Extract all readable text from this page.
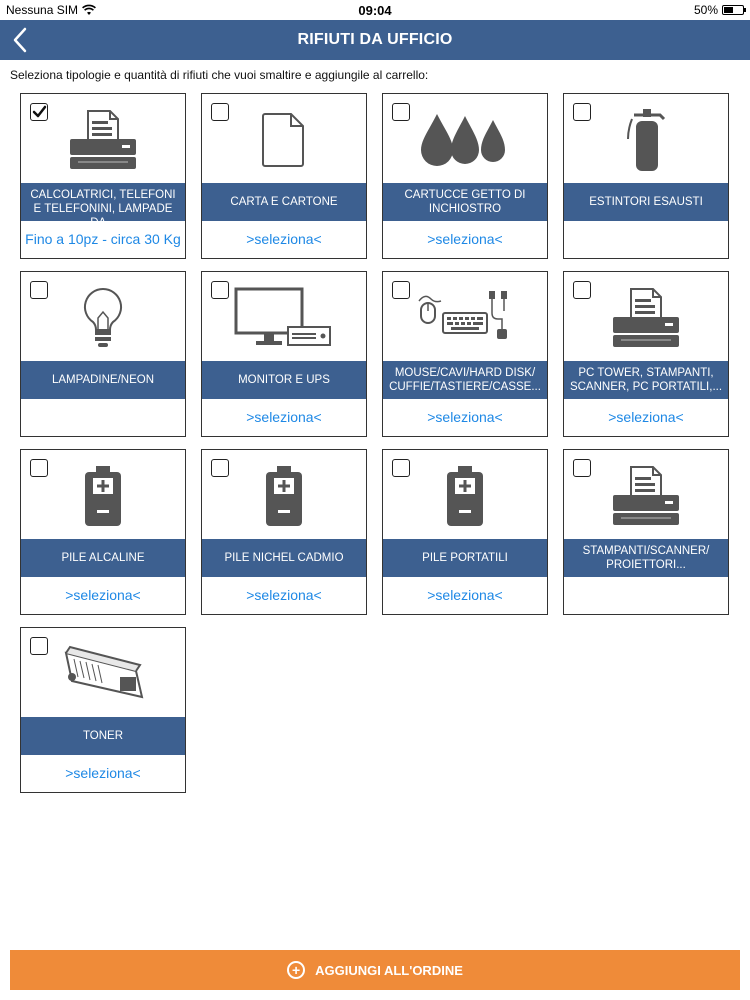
Nessuna SIM	09:04	50%
RIFIUTI DA UFFICIO
Seleziona tipologie e quantità di rifiuti che vuoi smaltire e aggiungile al carrello:
CALCOLATRICI, TELEFONI E TELEFONINI, LAMPADE DA...
Fino a 10pz - circa 30 Kg
CARTA E CARTONE
>seleziona<
CARTUCCE GETTO DI INCHIOSTRO
>seleziona<
ESTINTORI ESAUSTI
LAMPADINE/NEON	MONITOR E UPS
>seleziona<
MOUSE/CAVI/HARD DISK/ CUFFIE/TASTIERE/CASSE...
>seleziona<
PC TOWER, STAMPANTI, SCANNER, PC PORTATILI,...
>seleziona<
PILE ALCALINE
>seleziona<
PILE NICHEL CADMIO
>seleziona<
PILE PORTATILI
>seleziona<
STAMPANTI/SCANNER/ PROIETTORI...
TONER
>seleziona<
+	AGGIUNGI ALL'ORDINE
